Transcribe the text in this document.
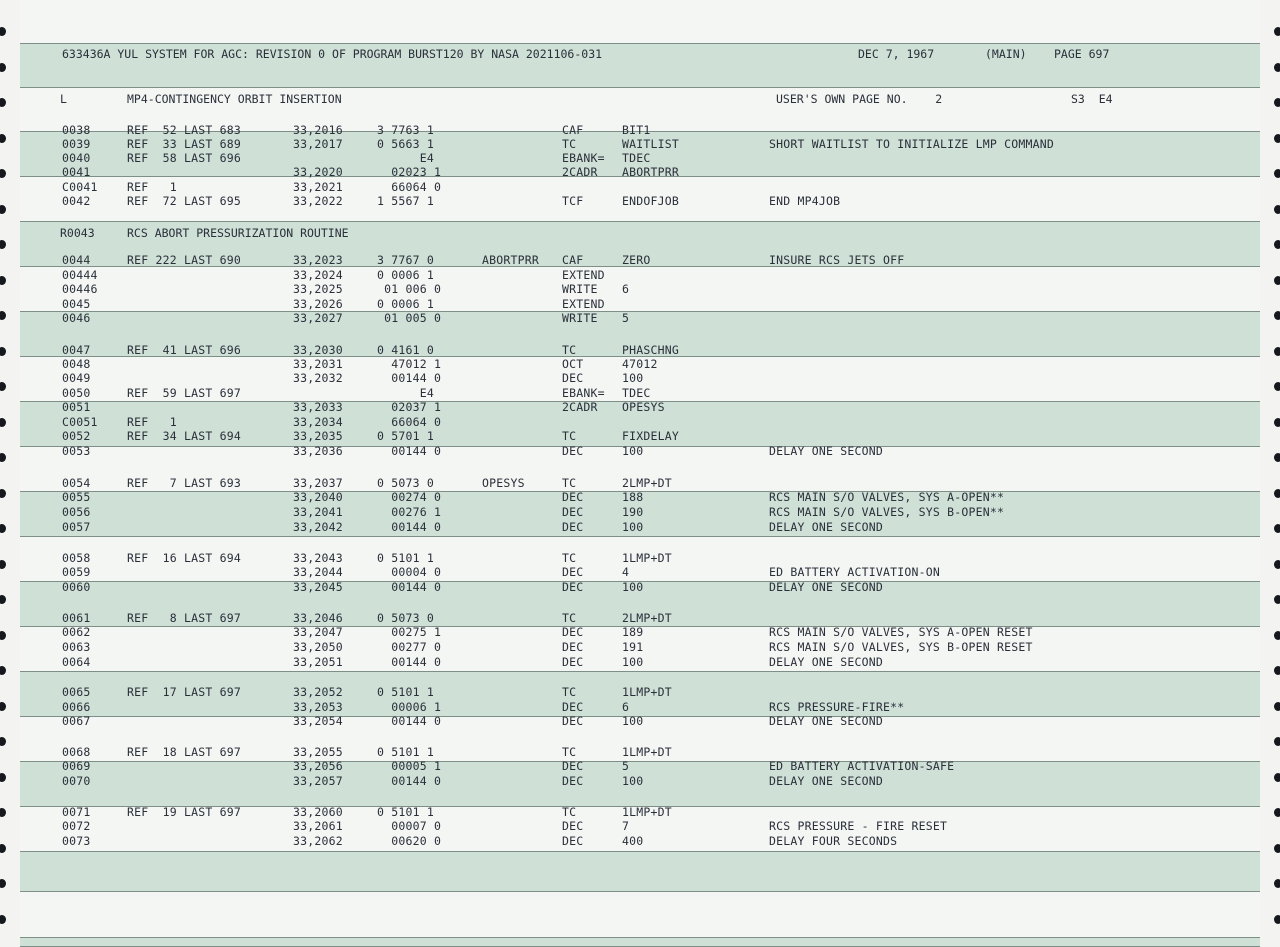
633436A YUL SYSTEM FOR AGC: REVISION 0 OF PROGRAM BURST120 BY NASA 2021106-031	DEC 7, 1967	(MAIN) PAGE 697
L	MP4-CONTINGENCY ORBIT INSERTION	USER'S OWN PAGE NO.    2	S3  E4
R0043	RCS ABORT PRESSURIZATION ROUTINE
0038	REF  52 LAST 683	33,2016	3 7763 1	CAF	BIT1
0039	REF  33 LAST 689	33,2017	0 5663 1	TC	WAITLIST	SHORT WAITLIST TO INITIALIZE LMP COMMAND
0040	REF  58 LAST 696	E4	EBANK= TDEC
0041	33,2020	02023 1	2CADR ABORTPRR
C0041	REF   1	33,2021	66064 0
0042	REF  72 LAST 695	33,2022	1 5567 1	TCF	ENDOFJOB	END MP4JOB
0044	REF 222 LAST 690	33,2023	3 7767 0	ABORTPRR CAF	ZERO	INSURE RCS JETS OFF
00444	33,2024	0 0006 1	EXTEND
00446	33,2025	01 006 0	WRITE 6
0045	33,2026	0 0006 1	EXTEND
0046	33,2027	01 005 0	WRITE 5
0047	REF  41 LAST 696	33,2030	0 4161 0	TC	PHASCHNG
0048	33,2031	47012 1	OCT	47012
0049	33,2032	00144 0	DEC	100
0050	REF  59 LAST 697	E4	EBANK= TDEC
0051	33,2033	02037 1	2CADR OPESYS
C0051	REF   1	33,2034	66064 0
0052	REF  34 LAST 694	33,2035	0 5701 1	TC	FIXDELAY
0053	33,2036	00144 0	DEC	100	DELAY ONE SECOND
0054	REF   7 LAST 693	33,2037	0 5073 0	OPESYS	TC	2LMP+DT
0055	33,2040	00274 0	DEC	188	RCS MAIN S/O VALVES, SYS A-OPEN**
0056	33,2041	00276 1	DEC	190	RCS MAIN S/O VALVES, SYS B-OPEN**
0057	33,2042	00144 0	DEC	100	DELAY ONE SECOND
0058	REF  16 LAST 694	33,2043	0 5101 1	TC	1LMP+DT
0059	33,2044	00004 0	DEC	4	ED BATTERY ACTIVATION-ON
0060	33,2045	00144 0	DEC	100	DELAY ONE SECOND
0061	REF   8 LAST 697	33,2046	0 5073 0	TC	2LMP+DT
0062	33,2047	00275 1	DEC	189	RCS MAIN S/O VALVES, SYS A-OPEN RESET
0063	33,2050	00277 0	DEC	191	RCS MAIN S/O VALVES, SYS B-OPEN RESET
0064	33,2051	00144 0	DEC	100	DELAY ONE SECOND
0065	REF  17 LAST 697	33,2052	0 5101 1	TC	1LMP+DT
0066	33,2053	00006 1	DEC	6	RCS PRESSURE-FIRE**
0067	33,2054	00144 0	DEC	100	DELAY ONE SECOND
0068	REF  18 LAST 697	33,2055	0 5101 1	TC	1LMP+DT
0069	33,2056	00005 1	DEC	5	ED BATTERY ACTIVATION-SAFE
0070	33,2057	00144 0	DEC	100	DELAY ONE SECOND
0071	REF  19 LAST 697	33,2060	0 5101 1	TC	1LMP+DT
0072	33,2061	00007 0	DEC	7	RCS PRESSURE - FIRE RESET
0073	33,2062	00620 0	DEC	400	DELAY FOUR SECONDS
